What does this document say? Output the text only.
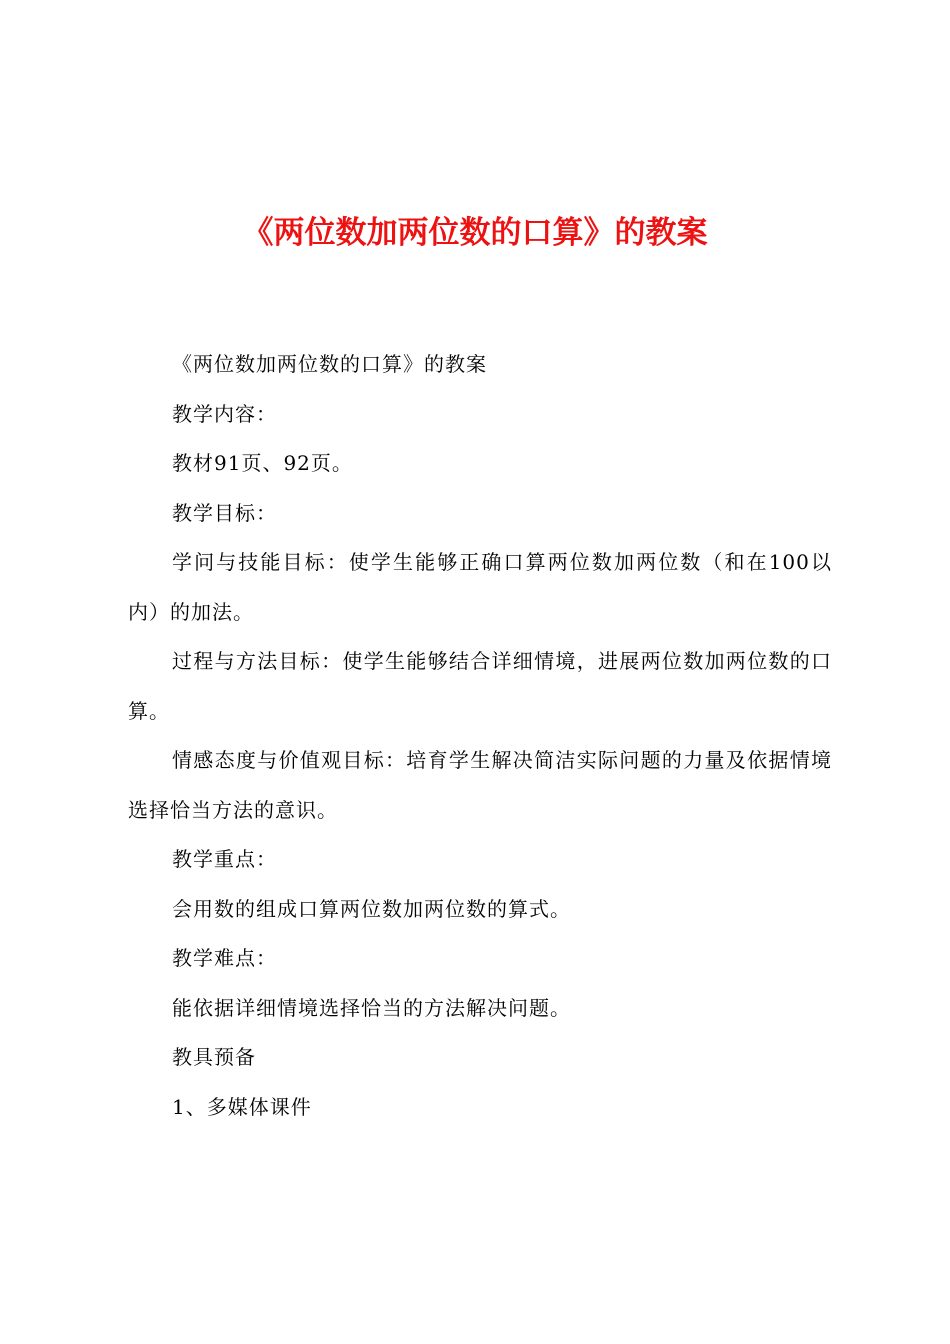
《两位数加两位数的口算》的教案

《两位数加两位数的口算》的教案

教学内容：

教材91页、92页。

教学目标：

学问与技能目标：使学生能够正确口算两位数加两位数（和在100以内）的加法。

过程与方法目标：使学生能够结合详细情境，进展两位数加两位数的口算。

情感态度与价值观目标：培育学生解决简洁实际问题的力量及依据情境选择恰当方法的意识。

教学重点：

会用数的组成口算两位数加两位数的算式。

教学难点：

能依据详细情境选择恰当的方法解决问题。

教具预备

1、多媒体课件
